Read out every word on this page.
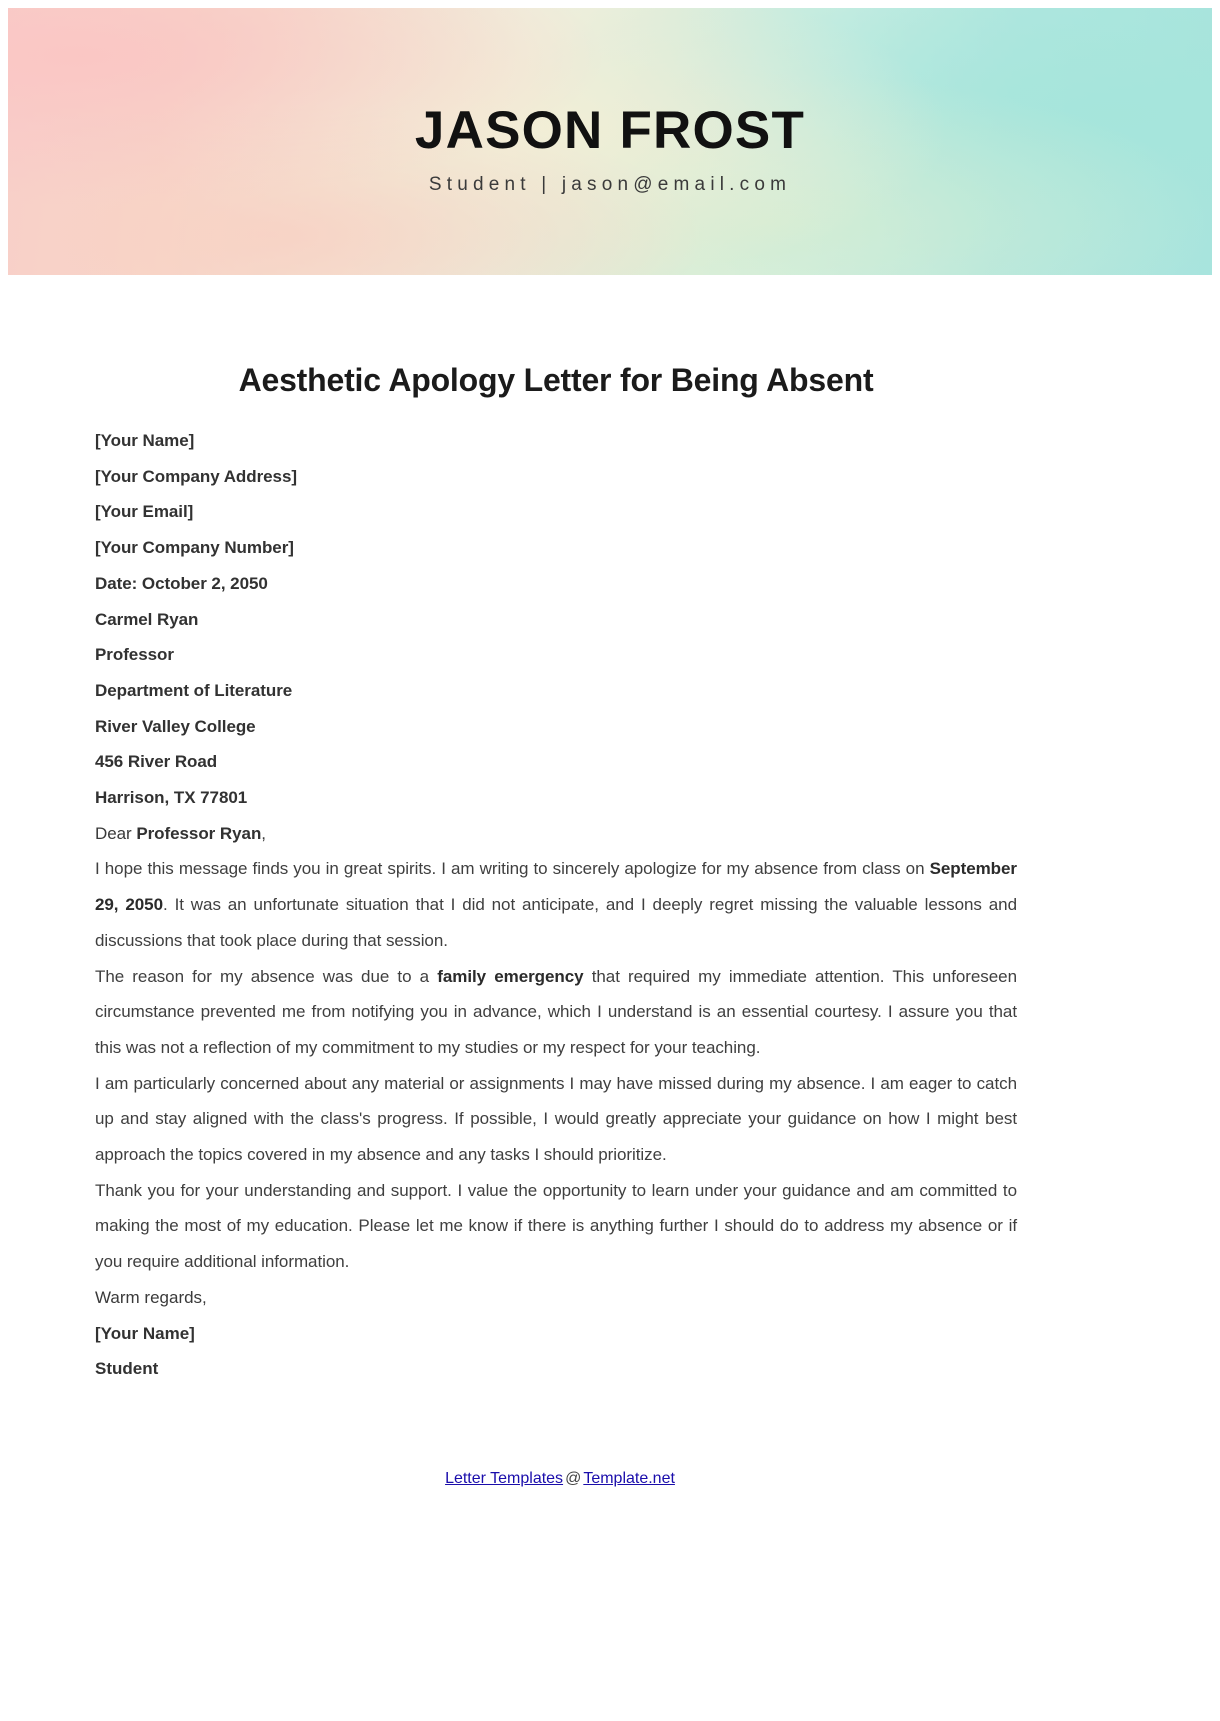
JASON FROST
Student | jason@email.com
Aesthetic Apology Letter for Being Absent
[Your Name]
[Your Company Address]
[Your Email]
[Your Company Number]
Date: October 2, 2050
Carmel Ryan
Professor
Department of Literature
River Valley College
456 River Road
Harrison, TX 77801
Dear Professor Ryan,
I hope this message finds you in great spirits. I am writing to sincerely apologize for my absence from class on September 29, 2050. It was an unfortunate situation that I did not anticipate, and I deeply regret missing the valuable lessons and discussions that took place during that session.
The reason for my absence was due to a family emergency that required my immediate attention. This unforeseen circumstance prevented me from notifying you in advance, which I understand is an essential courtesy. I assure you that this was not a reflection of my commitment to my studies or my respect for your teaching.
I am particularly concerned about any material or assignments I may have missed during my absence. I am eager to catch up and stay aligned with the class's progress. If possible, I would greatly appreciate your guidance on how I might best approach the topics covered in my absence and any tasks I should prioritize.
Thank you for your understanding and support. I value the opportunity to learn under your guidance and am committed to making the most of my education. Please let me know if there is anything further I should do to address my absence or if you require additional information.
Warm regards,
[Your Name]
Student
Letter Templates @ Template.net
